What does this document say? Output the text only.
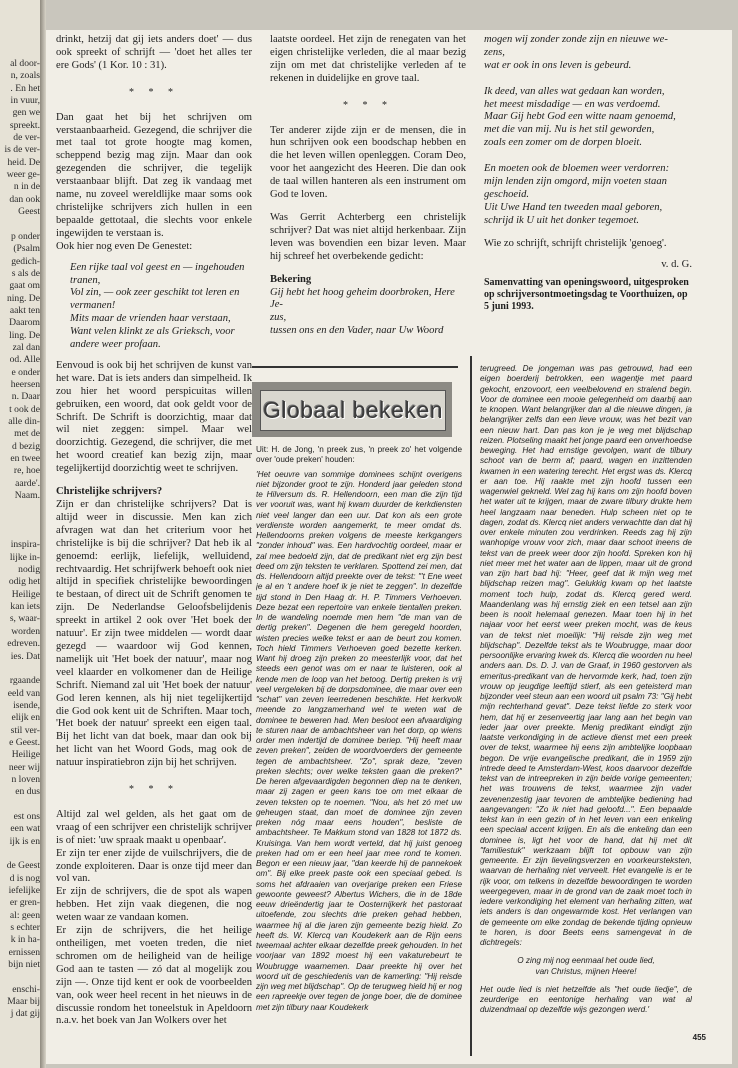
al door-
n, zoals
. En het
in vuur,
gen we
spreekt.
de ver-
is de ver-
heid. De
weer ge-
n in de
dan ook
Geest

p onder
(Psalm
gedich-
s als de
gaat om
ning. De
aakt ten
Daarom
ling. De
zal dan
od. Alle
e onder
heersen
n. Daar
t ook de
alle din-
met de
d bezig
en twee
re, hoe
aarde'.
Naam.

inspira-
lijke in-
nodig
odig het
Heilige
kan iets
s, waar-
worden
edreven.
ies. Dat

rgaande
eeld van
isende,
elijk en
stil ver-
e Geest.
Heilige
neer wij
n loven
en dus

est ons
een wat
ijk is en

de Geest
d is nog
iefelijke
er gren-
al: geen
s echter
k in ha-
ernissen
bijn niet

enschi-
Maar bij
j dat gij

drinkt, hetzij dat gij iets anders doet' — dus ook spreekt of schrijft — 'doet het alles ter ere Gods' (1 Kor. 10 : 31).

* * *

Dan gaat het bij het schrijven om verstaanbaarheid. Gezegend, die schrijver die met taal tot grote hoogte mag komen, scheppend bezig mag zijn. Maar dan ook gezegenden die schrijver, die tegelijk verstaanbaar blijft. Dat zeg ik vandaag met name, nu zoveel wereldlijke maar soms ook christelijke schrijvers zich hullen in een bepaalde gettotaal, die slechts voor enkele ingewijden te verstaan is.

Ook hier nog even De Genestet:

Een rijke taal vol geest en — ingehouden
tranen,
Vol zin, — ook zeer geschikt tot leren en
vermanen!
Mits maar de vrienden haar verstaan,
Want velen klinkt ze als Grieksch, voor
andere weer profaan.

Eenvoud is ook bij het schrijven de kunst van het ware. Dat is iets anders dan simpelheid. Ik zou hier het woord perspicuitas willen gebruiken, een woord, dat ook geldt voor de Schrift. De Schrift is doorzichtig, maar dat wil niet zeggen: simpel. Maar wel doorzichtig. Gezegend, die schrijver, die met het woord creatief kan bezig zijn, maar tegelijkertijd doorzichtig weet te schrijven.

Christelijke schrijvers?

Zijn er dan christelijke schrijvers? Dat is altijd weer in discussie. Men kan zich afvragen wat dan het criterium voor het christelijke is bij die schrijver? Dat heb ik al genoemd: eerlijk, liefelijk, welluidend, rechtvaardig. Het schrijfwerk behoeft ook niet altijd in specifiek christelijke bewoordingen te bestaan, of direct uit de Schrift genomen te zijn. De Nederlandse Geloofsbelijdenis spreekt in artikel 2 ook over 'Het boek der natuur'. Er zijn twee middelen — wordt daar gezegd — waardoor wij God kennen, namelijk uit 'Het boek der natuur', maar nog veel klaarder en volkomener dan de Heilige Schrift. Niemand zal uit 'Het boek der natuur' God leren kennen, als hij niet tegelijkertijd die God ook kent uit de Schriften. Maar toch, 'Het boek der natuur' spreekt een eigen taal. Bij het licht van dat boek, maar dan ook bij het licht van het Woord Gods, mag ook de natuur inspiratiebron zijn bij het schrijven.

* * *

Altijd zal wel gelden, als het gaat om de vraag of een schrijver een christelijk schrijver is of niet: 'uw spraak maakt u openbaar'.

Er zijn ter ener zijde de vuilschrijvers, die de zonde exploiteren. Daar is onze tijd meer dan vol van.

Er zijn de schrijvers, die de spot als wapen hebben. Het zijn vaak diegenen, die nog weten waar ze vandaan komen.

Er zijn de schrijvers, die het heilige ontheiligen, met voeten treden, die niet schromen om de heiligheid van de heilige God aan te tasten — zó dat al mogelijk zou zijn —. Onze tijd kent er ook de voorbeelden van, ook weer heel recent in het nieuws in de discussie rondom het toneelstuk in Apeldoorn n.a.v. het boek van Jan Wolkers over het

laatste oordeel. Het zijn de renegaten van het eigen christelijke verleden, die al maar bezig zijn om met dat christelijke verleden af te rekenen in duidelijke en grove taal.

* * *

Ter anderer zijde zijn er de mensen, die in hun schrijven ook een boodschap hebben en die het leven willen openleggen. Coram Deo, voor het aangezicht des Heeren. Die dan ook de taal willen hanteren als een instrument om God te loven.

Was Gerrit Achterberg een christelijk schrijver? Dat was niet altijd herkenbaar. Zijn leven was bovendien een bizar leven. Maar hij schreef het overbekende gedicht:

Bekering
Gij hebt het hoog geheim doorbroken, Here Je-
zus,
tussen ons en den Vader, naar Uw Woord
mogen wij zonder zonde zijn en nieuwe we-
zens,
wat er ook in ons leven is gebeurd.

Ik deed, van alles wat gedaan kan worden,
het meest misdadige — en was verdoemd.
Maar Gij hebt God een witte naam genoemd,
met die van mij. Nu is het stil geworden,
zoals een zomer om de dorpen bloeit.

En moeten ook de bloemen weer verdorren:
mijn lenden zijn omgord, mijn voeten staan
geschoeid.
Uit Uwe Hand ten tweeden maal geboren,
schrijd ik U uit het donker tegemoet.

Wie zo schrijft, schrijft christelijk 'genoeg'.

v. d. G.
Samenvatting van openingswoord, uitgesproken op schrijversontmoetingsdag te Voorthuizen, op 5 juni 1993.
Globaal bekeken

Uit: H. de Jong, 'n preek zus, 'n preek zo' het volgende over 'oude preken' houden:

'Het oeuvre van sommige dominees schijnt overigens niet bijzonder groot te zijn. Honderd jaar geleden stond te Hilversum ds. R. Hellendoorn, een man die zijn tijd ver vooruit was, want hij kwam duurder de kerkdiensten niet veel langer dan een uur. Dat kon als een grote verdienste worden aangemerkt, te meer omdat ds. Hellendoorns preken volgens de meeste kerkgangers "zonder inhoud" was. Een hardvochtig oordeel, maar er zal mee bedoeld zijn, dat de predikant niet erg zijn best deed om zijn teksten te verklaren. Spottend zei men, dat ds. Hellendoorn altijd preekte over de tekst: "'t Ene weet je al en 't andere hoef ik je niet te zeggen". In dezelfde tijd stond in Den Haag dr. H. P. Timmers Verhoeven. Deze bezat een repertoire van enkele tientallen preken. In de wandeling noemde men hem "de man van de dertig preken". Degenen die hem geregeld hoorden, wisten precies welke tekst er aan de beurt zou komen. Toch hield Timmers Verhoeven goed bezette kerken. Want hij droeg zijn preken zo meesterlijk voor, dat het steeds een genot was om er naar te luisteren, ook al kende men de loop van het betoog. Dertig preken is vrij veel vergeleken bij de dorpsdominee, die maar over een "schat" van zeven leerredenen beschikte. Het kerkvolk meende zo langzamerhand wel te weten wat de dominee te beweren had. Men besloot een afvaardiging te sturen naar de ambachtsheer van het dorp, op wiens order men indertijd de dominee beriep. "Hij heeft maar zeven preken", zeiden de woordvoerders der gemeente tegen de ambachtsheer. "Zo", sprak deze, "zeven preken slechts; over welke teksten gaan die preken?" De heren afgevaardigden begonnen diep na te denken, maar zij zagen er geen kans toe om met elkaar de zeven teksten op te noemen. "Nou, als het zó met uw geheugen staat, dan moet de dominee zijn zeven preken nóg maar eens houden", besliste de ambachtsheer. Te Makkum stond van 1828 tot 1872 ds. Kruisinga. Van hem wordt verteld, dat hij juist genoeg preken had om er een heel jaar mee rond te komen. Begon er een nieuw jaar, "dan keerde hij de pannekoek om". Bij elke preek paste ook een speciaal gebed. Is soms het afdraaien van overjarige preken een Friese gewoonte geweest? Albertus Wichers, die in de 18de eeuw drieëndertig jaar te Oosternijkerk het pastoraat uitoefende, zou slechts drie preken gehad hebben, waarmee hij al die jaren zijn gemeente bezig hield. Zo heeft ds. W. Klercq van Koudekerk aan de Rijn eens tweemaal achter elkaar dezelfde preek gehouden. In het voorjaar van 1892 moest hij een vakaturebeurt te Woubrugge waarnemen. Daar preekte hij over het woord uit de geschiedenis van de kamerling: "Hij reisde zijn weg met blijdschap". Op de terugweg hield hij er nog een rapreekje over tegen de jonge boer, die de dominee met zijn tilbury naar Koudekerk

terugreed. De jongeman was pas getrouwd, had een eigen boerderij betrokken, een wagentje met paard gekocht, enzovoort, een veelbelovend en stralend begin. Voor de dominee een mooie gelegenheid om daarbij aan te knopen. Want belangrijker dan al die nieuwe dingen, ja belangrijker zelfs dan een lieve vrouw, was het bezit van een nieuw hart. Dan pas kon je je weg met blijdschap reizen. Plotseling maakt het jonge paard een onverhoedse beweging. Het had ernstige gevolgen, want de tilbury schoot van de berm af; paard, wagen en inzittenden kwamen in een watering terecht. Het ergst was ds. Klercq er aan toe. Hij raakte met zijn hoofd tussen een wagenwiel gekneld. Wel zag hij kans om zijn hoofd boven het water uit te krijgen, maar de zware tilbury drukte hem heel langzaam naar beneden. Hulp scheen niet op te dagen, zodat ds. Klercq niet anders verwachtte dan dat hij over enkele minuten zou verdrinken. Reeds zag hij zijn wanhopige vrouw voor zich, maar daar schoot ineens de tekst van de preek weer door zijn hoofd. Spreken kon hij niet meer met het water aan de lippen, maar uit de grond van zijn hart bad hij: "Heer, geef dat ik mijn weg met blijdschap reizen mag". Gelukkig kwam op het laatste moment toch hulp, zodat ds. Klercq gered werd. Maandenlang was hij ernstig ziek en een tetsel aan zijn been is nooit helemaal genezen. Maar toen hij in het najaar voor het eerst weer preken mocht, was de keus van de tekst niet moeilijk: "Hij reisde zijn weg met blijdschap". Dezelfde tekst als te Woubrugge, maar door persoonlijke ervaring kwek ds. Klercq die woorden nu heel anders aan. Ds. D. J. van de Graaf, in 1960 gestorven als emeritus-predikant van de hervormde kerk, had, toen zijn vrouw op jeugdige leeftijd stierf, als een geteisterd man bijzonder veel steun aan een woord uit psalm 73: "Gij hebt mijn rechterhand gevat". Deze tekst liefde zo sterk voor hem, dat hij er zesenveertig jaar lang aan het begin van ieder jaar over preekte. Menig predikant eindigt zijn laatste verkondiging in de actieve dienst met een preek over de tekst, waarmee hij eens zijn ambtelijke loopbaan begon. De vrije evangelische predikant, die in 1959 zijn intrede deed te Amsterdam-West, koos daarvoor dezelfde tekst van de intreepreken in zijn beide vorige gemeenten; het was trouwens de tekst, waarmee zijn vader zevenenzestig jaar tevoren de ambtelijke bediening had aangevangen: "Zo ik niet had geloofd...". Een bepaalde tekst kan in een gezin of in het leven van een enkeling een speciaal accent krijgen. En als die enkeling dan een dominee is, ligt het voor de hand, dat hij met dit "familiestuk" werkzaam blijft tot opbouw van zijn gemeente. Er zijn lievelingsverzen en voorkeursteksten, waarvan de herhaling niet verveelt. Het evangelie is er te rijk voor, om telkens in dezelfde bewoordingen te worden weergegeven, maar in de grond van de zaak moet toch in iedere verkondiging het element van herhaling zitten, wat iets anders is dan ongewarmde kost. Het verlangen van de gemeente om elke zondag de bekende tijding opnieuw te horen, is door Beets eens samengevat in de dichtregels:

O zing mij nog eenmaal het oude lied,
van Christus, mijnen Heere!

Het oude lied is niet hetzelfde als "het oude liedje", de zeurderige en eentonige herhaling van wat al duizendmaal op dezelfde wijs gezongen werd.'

455
